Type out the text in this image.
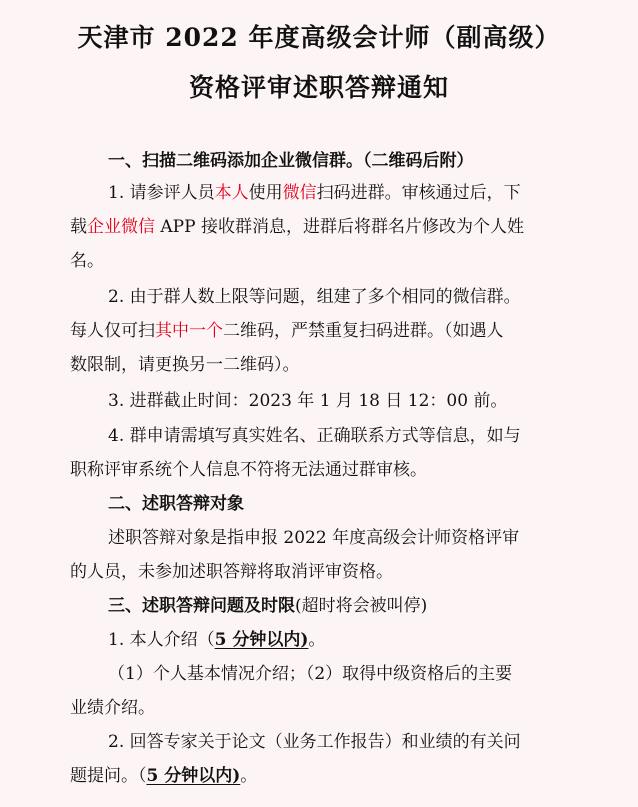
天津市 2022 年度高级会计师（副高级）
资格评审述职答辩通知
一、扫描二维码添加企业微信群。（二维码后附）
1. 请参评人员本人使用微信扫码进群。审核通过后，下
载企业微信 APP 接收群消息，进群后将群名片修改为个人姓
名。
2. 由于群人数上限等问题，组建了多个相同的微信群。
每人仅可扫其中一个二维码，严禁重复扫码进群。（如遇人
数限制，请更换另一二维码）。
3. 进群截止时间：2023 年 1 月 18 日 12：00 前。
4. 群申请需填写真实姓名、正确联系方式等信息，如与
职称评审系统个人信息不符将无法通过群审核。
二、述职答辩对象
述职答辩对象是指申报 2022 年度高级会计师资格评审
的人员，未参加述职答辩将取消评审资格。
三、述职答辩问题及时限(超时将会被叫停)
1. 本人介绍（5 分钟以内)。
（1）个人基本情况介绍；（2）取得中级资格后的主要
业绩介绍。
2. 回答专家关于论文（业务工作报告）和业绩的有关问
题提问。（5 分钟以内)。
